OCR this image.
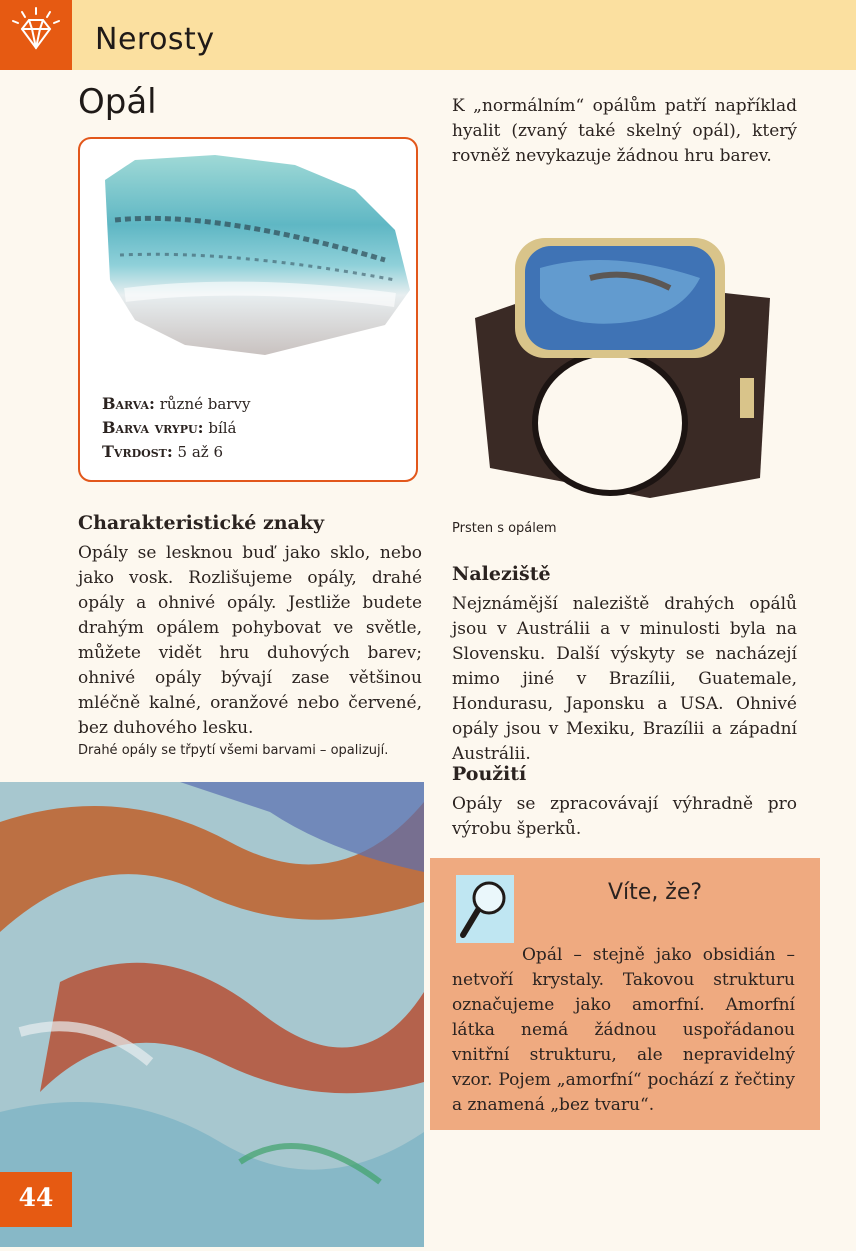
Nerosty
Opál
Barva: různé barvy
Barva vrypu: bílá
Tvrdost: 5 až 6
Charakteristické znaky
Opály se lesknou buď jako sklo, nebo jako vosk. Rozlišujeme opály, drahé opály a ohnivé opály. Jestliže budete drahým opálem pohybovat ve světle, můžete vidět hru duhových barev; ohnivé opály bývají zase většinou mléčně kalné, oranžové nebo červené, bez duhového lesku.
Drahé opály se třpytí všemi barvami – opalizují.
44
K „normálním“ opálům patří například hyalit (zvaný také skelný opál), který rovněž nevykazuje žádnou hru barev.
Prsten s opálem
Naleziště
Nejznámější naleziště drahých opálů jsou v Austrálii a v minulosti byla na Slovensku. Další výskyty se nacházejí mimo jiné v Brazílii, Guatemale, Hondurasu, Japonsku a USA. Ohnivé opály jsou v Mexiku, Brazílii a západní Austrálii.
Použití
Opály se zpracovávají výhradně pro výrobu šperků.
Víte, že?
Opál – stejně jako obsidián – netvoří krystaly. Takovou strukturu označujeme jako amorfní. Amorfní látka nemá žádnou uspořádanou vnitřní strukturu, ale nepravidelný vzor. Pojem „amorfní“ pochází z řečtiny a znamená „bez tvaru“.
